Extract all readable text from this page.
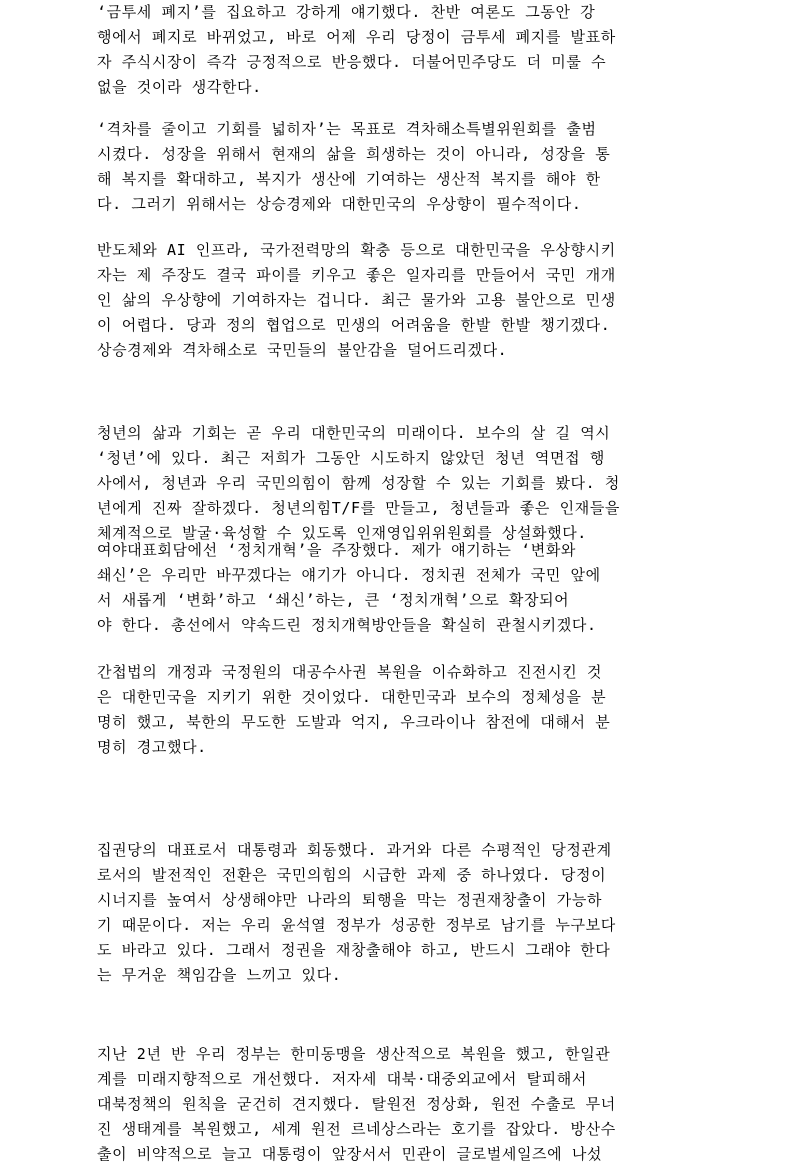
‘금투세 폐지’를 집요하고 강하게 얘기했다. 찬반 여론도 그동안 강
행에서 폐지로 바뀌었고, 바로 어제 우리 당정이 금투세 폐지를 발표하
자 주식시장이 즉각 긍정적으로 반응했다. 더불어민주당도 더 미룰 수
없을 것이라 생각한다.
‘격차를 줄이고 기회를 넓히자’는 목표로 격차해소특별위원회를 출범
시켰다. 성장을 위해서 현재의 삶을 희생하는 것이 아니라, 성장을 통
해 복지를 확대하고, 복지가 생산에 기여하는 생산적 복지를 해야 한
다. 그러기 위해서는 상승경제와 대한민국의 우상향이 필수적이다.
반도체와 AI 인프라, 국가전력망의 확충 등으로 대한민국을 우상향시키
자는 제 주장도 결국 파이를 키우고 좋은 일자리를 만들어서 국민 개개
인 삶의 우상향에 기여하자는 겁니다. 최근 물가와 고용 불안으로 민생
이 어렵다. 당과 정의 협업으로 민생의 어려움을 한발 한발 챙기겠다.
상승경제와 격차해소로 국민들의 불안감을 덜어드리겠다.
청년의 삶과 기회는 곧 우리 대한민국의 미래이다. 보수의 살 길 역시
‘청년’에 있다. 최근 저희가 그동안 시도하지 않았던 청년 역면접 행
사에서, 청년과 우리 국민의힘이 함께 성장할 수 있는 기회를 봤다. 청
년에게 진짜 잘하겠다. 청년의힘T/F를 만들고, 청년들과 좋은 인재들을
체계적으로 발굴·육성할 수 있도록 인재영입위위원회를 상설화했다.
여야대표회담에선 ‘정치개혁’을 주장했다. 제가 얘기하는 ‘변화와
쇄신’은 우리만 바꾸겠다는 얘기가 아니다. 정치권 전체가 국민 앞에
서 새롭게 ‘변화’하고 ‘쇄신’하는, 큰 ‘정치개혁’으로 확장되어
야 한다. 총선에서 약속드린 정치개혁방안들을 확실히 관철시키겠다.
간첩법의 개정과 국정원의 대공수사권 복원을 이슈화하고 진전시킨 것
은 대한민국을 지키기 위한 것이었다. 대한민국과 보수의 정체성을 분
명히 했고, 북한의 무도한 도발과 억지, 우크라이나 참전에 대해서 분
명히 경고했다.
집권당의 대표로서 대통령과 회동했다. 과거와 다른 수평적인 당정관계
로서의 발전적인 전환은 국민의힘의 시급한 과제 중 하나였다. 당정이
시너지를 높여서 상생해야만 나라의 퇴행을 막는 정권재창출이 가능하
기 때문이다. 저는 우리 윤석열 정부가 성공한 정부로 남기를 누구보다
도 바라고 있다. 그래서 정권을 재창출해야 하고, 반드시 그래야 한다
는 무거운 책임감을 느끼고 있다.
지난 2년 반 우리 정부는 한미동맹을 생산적으로 복원을 했고, 한일관
계를 미래지향적으로 개선했다. 저자세 대북·대중외교에서 탈피해서
대북정책의 원칙을 굳건히 견지했다. 탈원전 정상화, 원전 수출로 무너
진 생태계를 복원했고, 세계 원전 르네상스라는 호기를 잡았다. 방산수
출이 비약적으로 늘고 대통령이 앞장서서 민관이 글로벌세일즈에 나섰
